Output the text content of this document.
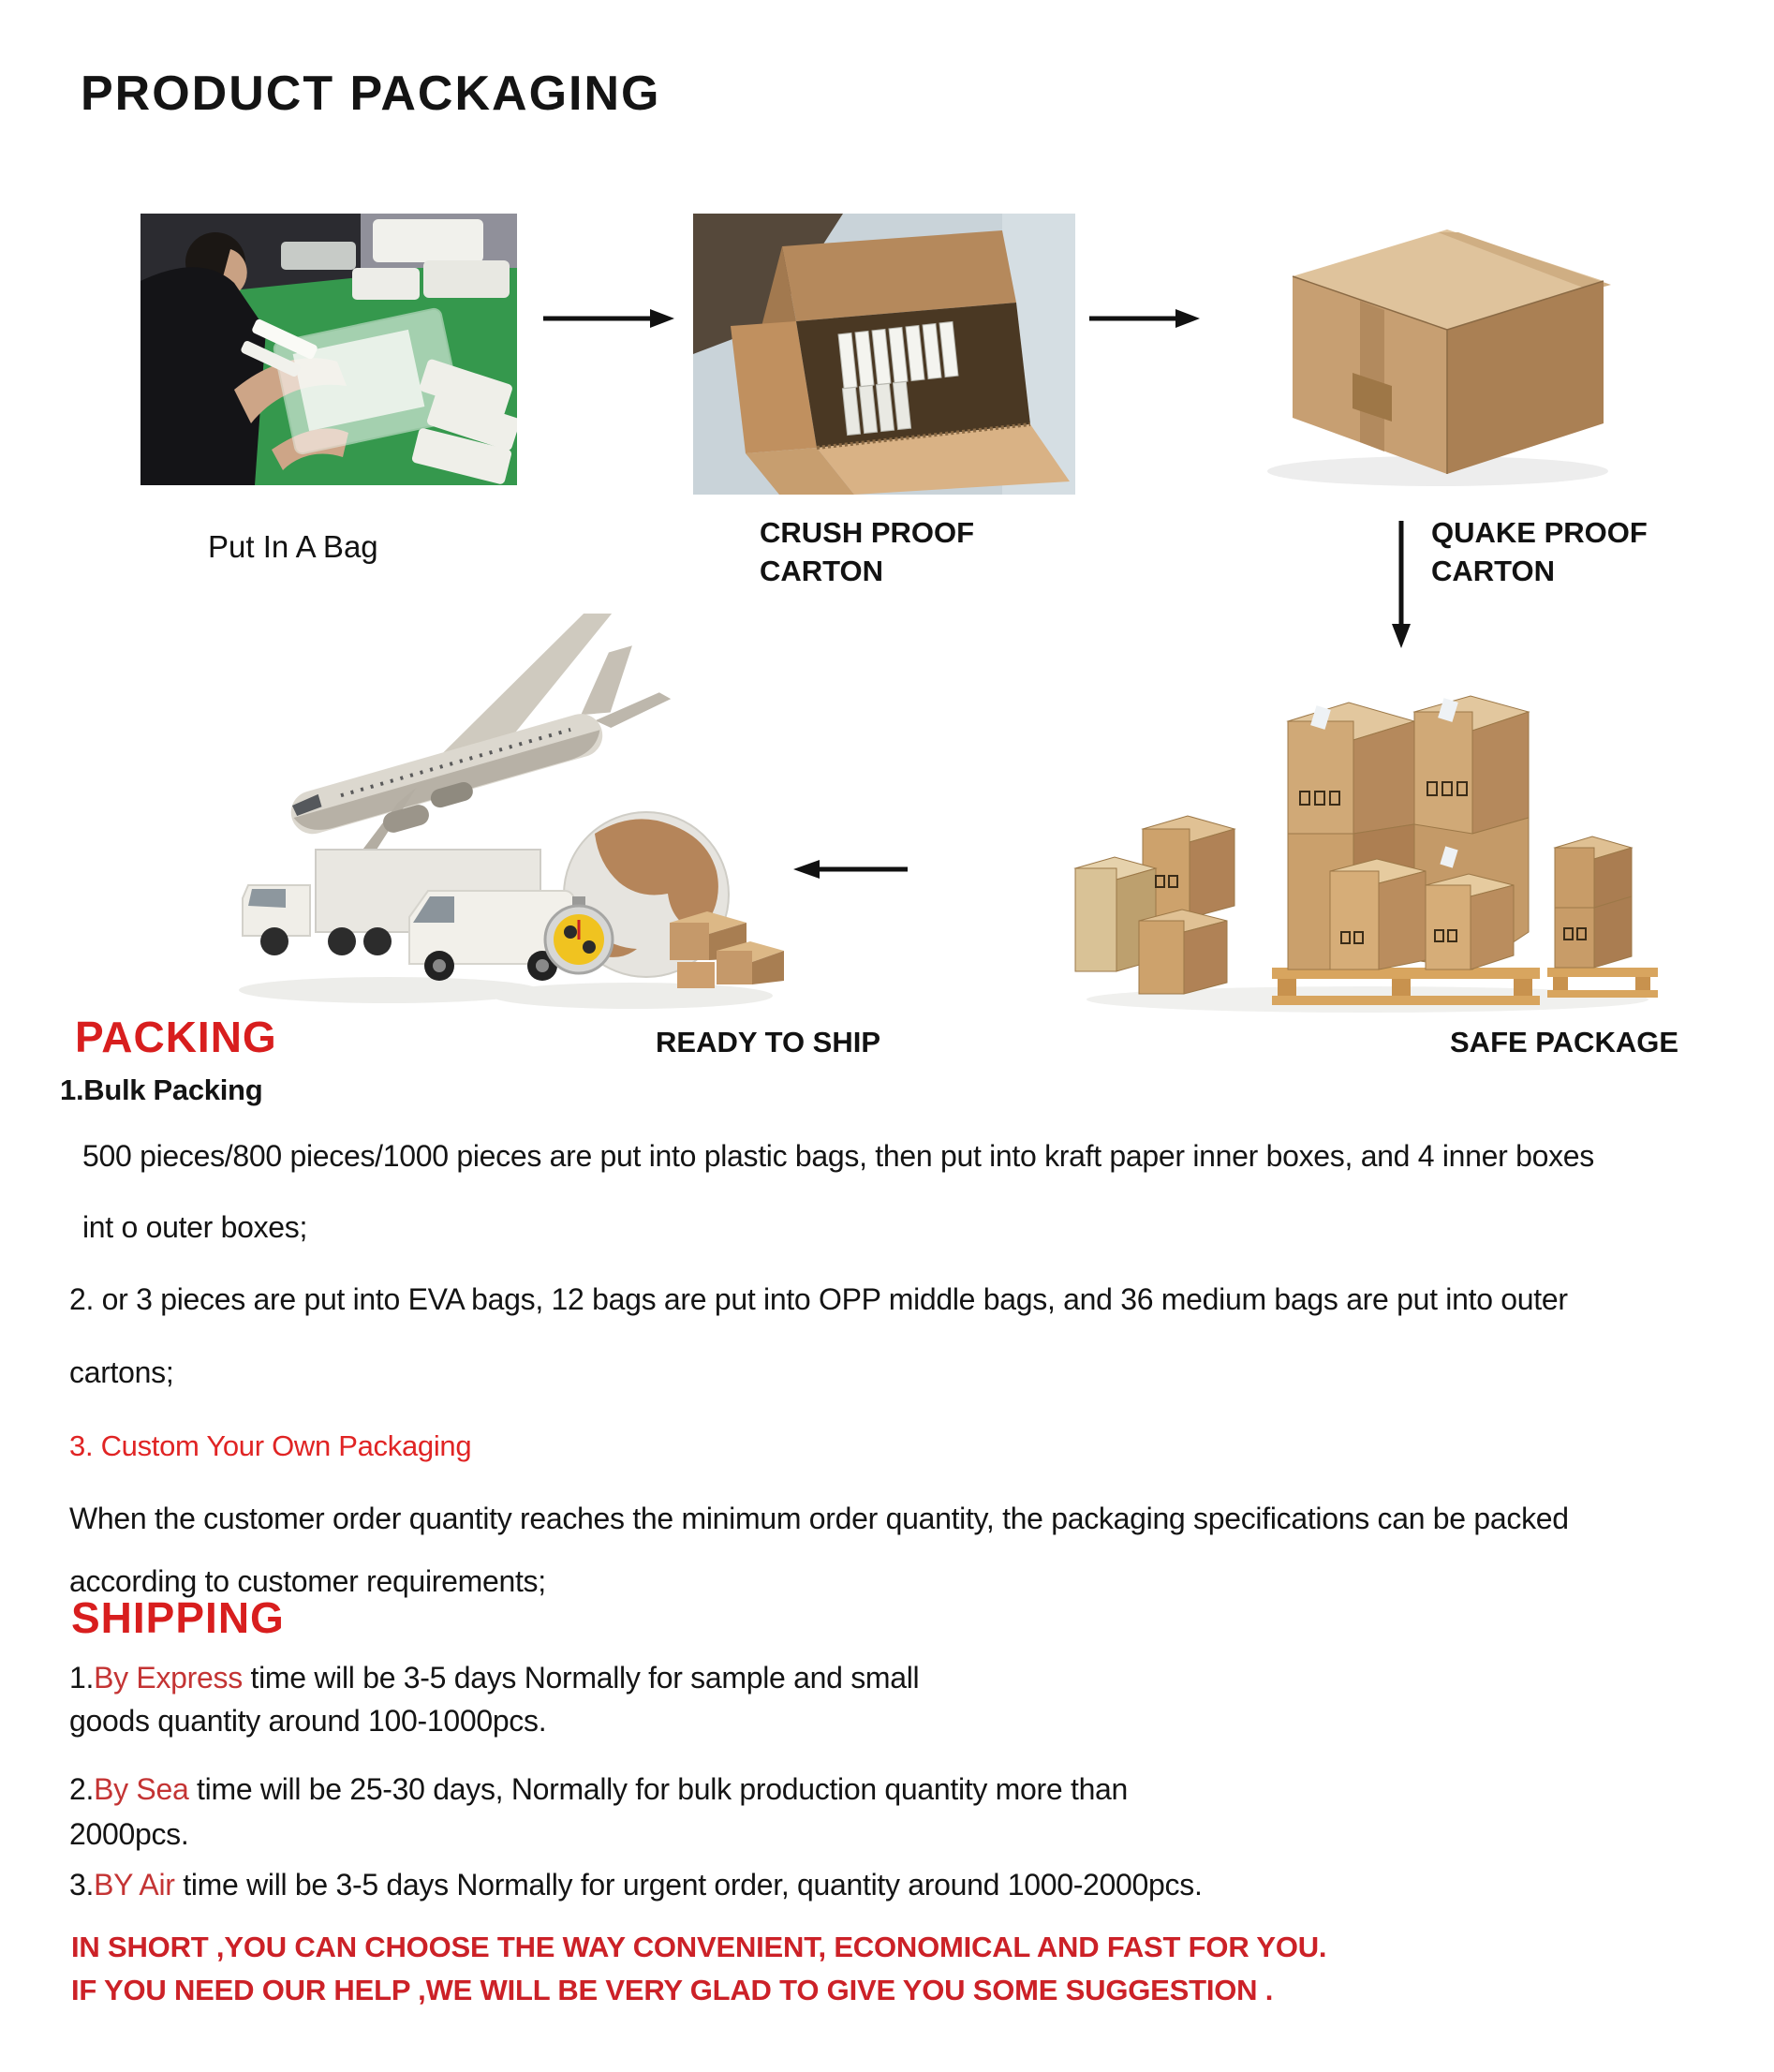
PRODUCT PACKAGING
Put In A Bag	CRUSH PROOF CARTON
QUAKE PROOF CARTON
READY TO SHIP	SAFE PACKAGE
PACKING
1.Bulk Packing
500 pieces/800 pieces/1000 pieces are put into plastic bags, then put into kraft paper inner boxes, and 4 inner boxes
int o outer boxes;
2. or 3 pieces are put into EVA bags, 12 bags are put into OPP middle bags, and 36 medium bags are put into outer
cartons;
3. Custom Your Own Packaging
When the customer order quantity reaches the minimum order quantity, the packaging specifications can be packed
according to customer requirements;
SHIPPING
1.By Express time will be 3-5 days Normally for sample and small
goods quantity around 100-1000pcs.
2.By Sea time will be 25-30 days, Normally for bulk production quantity more than
2000pcs.
3.BY Air time will be 3-5 days Normally for urgent order, quantity around 1000-2000pcs.
IN SHORT ,YOU CAN CHOOSE THE WAY CONVENIENT, ECONOMICAL AND FAST FOR YOU.
IF YOU NEED OUR HELP ,WE WILL BE VERY GLAD TO GIVE YOU SOME SUGGESTION .
